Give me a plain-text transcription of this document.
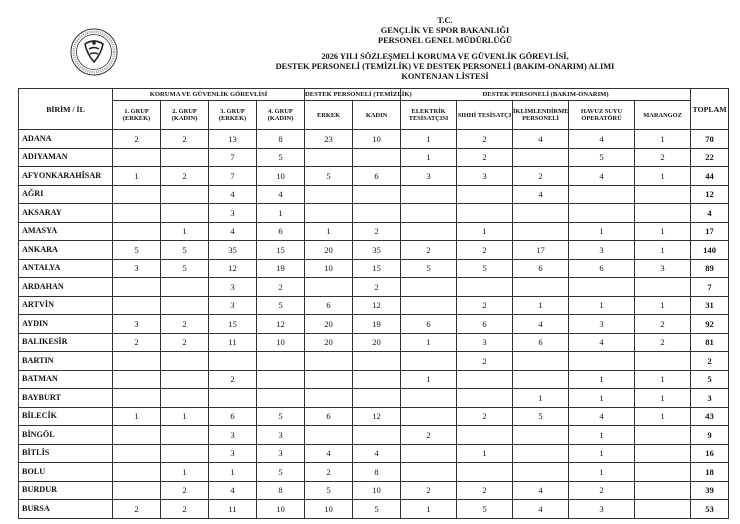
T.C.
GENÇLİK VE SPOR BAKANLIĞI
PERSONEL GENEL MÜDÜRLÜĞÜ
2026 YILI SÖZLEŞMELİ KORUMA VE GÜVENLİK GÖREVLİSİ,
DESTEK PERSONELİ (TEMİZLİK) VE DESTEK PERSONELİ (BAKIM-ONARIM) ALIMI
KONTENJAN LİSTESİ
BİRİM / İL	KORUMA VE GÜVENLİK GÖREVLİSİ				DESTEK PERSONELİ (TEMİZLİK)		DESTEK PERSONELİ (BAKIM-ONARIM)					TOPLAM
	1. GRUP (ERKEK)	2. GRUP (KADIN)	3. GRUP (ERKEK)	4. GRUP (KADIN)	ERKEK	KADIN	ELEKTRİK TESİSATÇISI	SIHHİ TESİSATÇI	İKLİMLENDİRME PERSONELİ	HAVUZ SUYU OPERATÖRÜ	MARANGOZ	
ADANA	2	2	13	8	23	10	1	2	4	4	1	70
ADIYAMAN			7	5			1	2		5	2	22
AFYONKARAHİSAR	1	2	7	10	5	6	3	3	2	4	1	44
AĞRI			4	4					4			12
AKSARAY			3	1								4
AMASYA		1	4	6	1	2		1		1	1	17
ANKARA	5	5	35	15	20	35	2	2	17	3	1	140
ANTALYA	3	5	12	19	10	15	5	5	6	6	3	89
ARDAHAN			3	2		2						7
ARTVİN			3	5	6	12		2	1	1	1	31
AYDIN	3	2	15	12	20	19	6	6	4	3	2	92
BALIKESİR	2	2	11	10	20	20	1	3	6	4	2	81
BARTIN								2				2
BATMAN			2				1			1	1	5
BAYBURT									1	1	1	3
BİLECİK	1	1	6	5	6	12		2	5	4	1	43
BİNGÖL			3	3			2			1		9
BİTLİS			3	3	4	4		1		1		16
BOLU		1	1	5	2	8				1		18
BURDUR		2	4	8	5	10	2	2	4	2		39
BURSA	2	2	11	10	10	5	1	5	4	3		53
